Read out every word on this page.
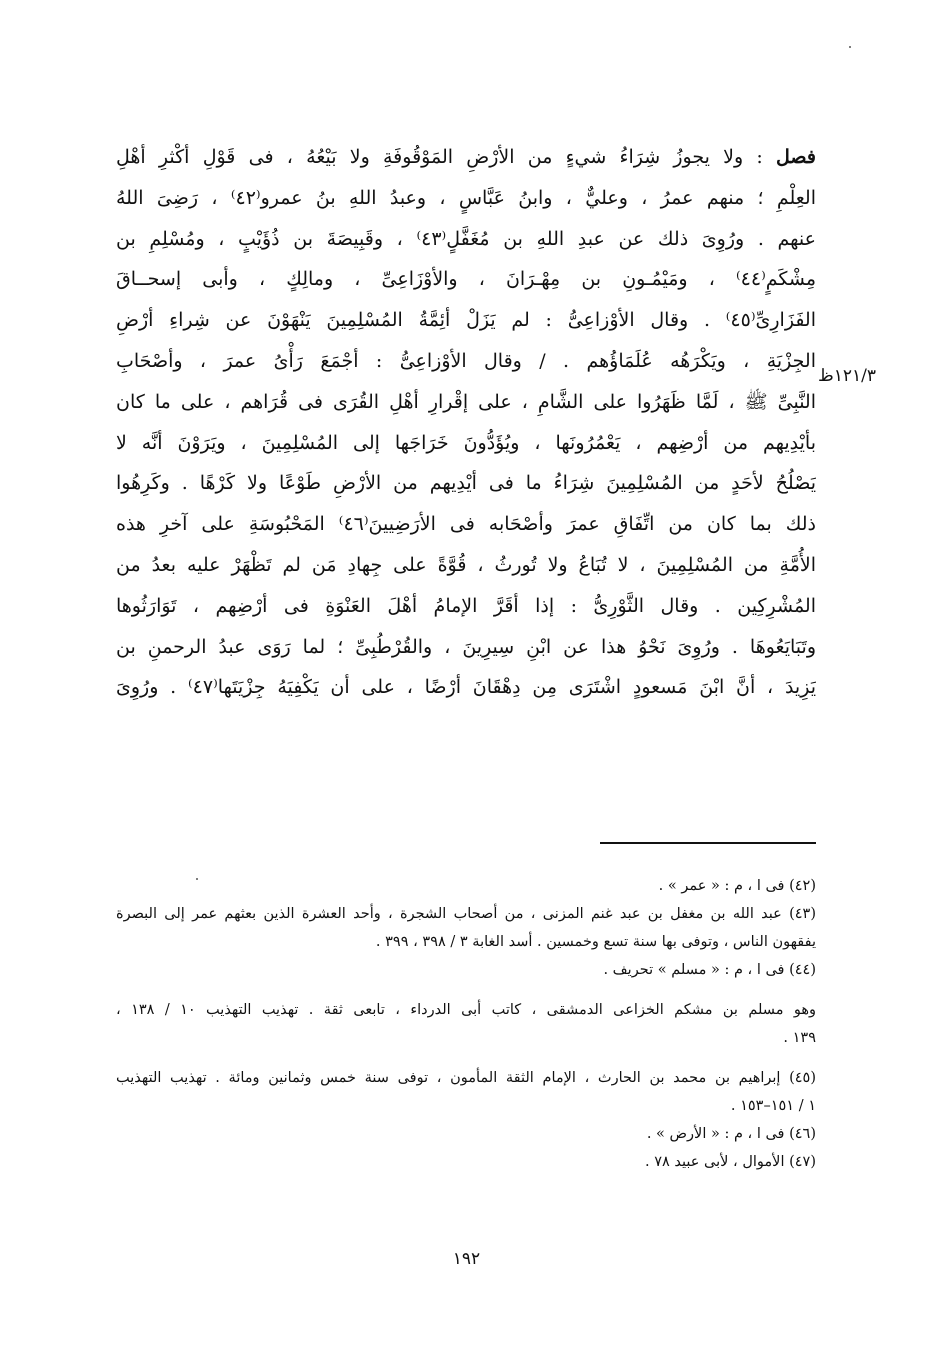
فصل : ولا يجوزُ شِرَاءُ شيءٍ من الأرْضِ المَوْقُوفَةِ ولا بَيْعُهُ ، فى قَوْلِ أكْثرِ أهْلِ
العِلْمِ ؛ منهم عمرُ ، وعليٌّ ، وابنُ عَبَّاسٍ ، وعبدُ اللهِ بنُ عمرو⁽٤٢⁾ ، رَضِىَ اللهُ
عنهم . ورُوِىَ ذلك عن عبدِ اللهِ بن مُغَفَّلٍ⁽٤٣⁾ ، وقَبِيصَةَ بن ذُؤَيْبٍ ، ومُسْلِمِ بن
مِشْكَمٍ⁽٤٤⁾ ، ومَيْمُـونِ بن مِهْـرَانَ ، والأوْزَاعِىِّ ، ومالِكٍ ، وأبى إسحــاقَ
الفَزَارِىِّ⁽٤٥⁾ . وقال الأوْزاعِىُّ : لم يَزَلْ أئِمَّةُ المُسْلِمِينَ يَنْهَوْنَ عن شِراءِ أرْضِ
الجِزْيَةِ ، ويَكْرَهُه عُلَمَاؤُهم . / وقال الأوْزاعِىُّ : أجْمَعَ رَأْىُ عمرَ ، وأصْحَابِ
النَّبِىِّ ﷺ ، لَمَّا ظَهَرُوا على الشَّامِ ، على إقْرارِ أهْلِ القُرَى فى قُرَاهم ، على ما كان
بأيْدِيهم من أرْضِهم ، يَعْمُرُونَها ، ويُؤَدُّونَ خَرَاجَها إلى المُسْلِمِينَ ، ويَرَوْنَ أنَّه لا
يَصْلُحُ لأحَدٍ من المُسْلِمِينَ شِرَاءُ ما فى أيْدِيهم من الأرْضِ طَوْعًا ولا كَرْهًا . وكَرِهُوا
ذلك بما كان من اتِّفَاقِ عمرَ وأصْحَابه فى الأرَضِيينَ⁽٤٦⁾ المَحْبُوسَةِ على آخرِ هذه
الأُمَّةِ من المُسْلِمِينَ ، لا تُبَاعُ ولا تُورثُ ، قُوَّةً على جِهادِ مَن لم تَظْهَرْ عليه بعدُ من
المُشْرِكِين . وقال الثَّوْرِىُّ : إذا أقَرَّ الإمامُ أهْلَ العَنْوَةِ فى أرْضِهم ، تَوَارَثُوها
وتَبَايَعُوهَا . ورُوِىَ نَحْوُ هذا عن ابْنِ سِيرِينَ ، والقُرْطُبِىِّ ؛ لما رَوَى عبدُ الرحمنِ بن
يَزِيدَ ، أنَّ ابْنَ مَسعودٍ اشْتَرَى مِن دِهْقَانَ أرْضًا ، على أن يَكْفِيَهُ جِزْيَتَها⁽٤٧⁾ . ورُوِىَ
١٢١/٣ظ
(٤٢) فى ا ، م : « عمر » .
(٤٣) عبد الله بن مغفل بن عبد غنم المزنى ، من أصحاب الشجرة ، وأحد العشرة الذين بعثهم عمر إلى البصرة
يفقهون الناس ، وتوفى بها سنة تسع وخمسين . أسد الغابة ٣ / ٣٩٨ ، ٣٩٩ .
(٤٤) فى ا ، م : « مسلم » تحريف .
وهو مسلم بن مشكم الخزاعى الدمشقى ، كاتب أبى الدرداء ، تابعى ثقة . تهذيب التهذيب ١٠ / ١٣٨ ،
١٣٩ .
(٤٥) إبراهيم بن محمد بن الحارث ، الإمام الثقة المأمون ، توفى سنة خمس وثمانين ومائة . تهذيب التهذيب
١ / ١٥١–١٥٣ .
(٤٦) فى ا ، م : « الأرض » .
(٤٧) الأموال ، لأبى عبيد ٧٨ .
١٩٢
